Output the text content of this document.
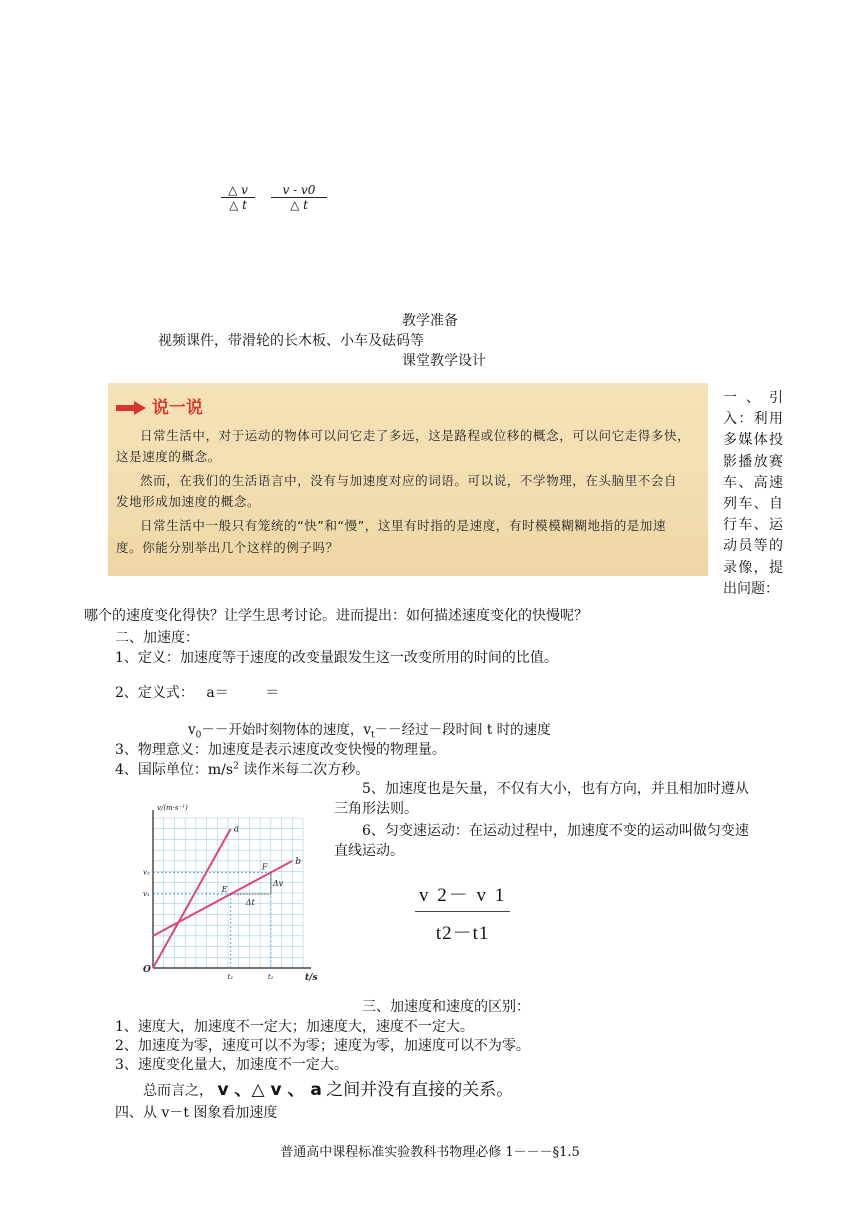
$\frac{\triangle v}{\triangle t} \frac{v - v0}{\triangle t}$
教学准备
视频课件，带滑轮的长木板、小车及砝码等
课堂教学设计
说一说
日常生活中，对于运动的物体可以问它走了多远，这是路程或位移的概念，可以问它走得多快，
这是速度的概念。
然而，在我们的生活语言中，没有与加速度对应的词语。可以说，不学物理，在头脑里不会自
发地形成加速度的概念。
日常生活中一般只有笼统的“快”和“慢”，这里有时指的是速度，有时模模糊糊地指的是加速
度。你能分别举出几个这样的例子吗？
一、引入：利用多媒体投影播放赛车、高速列车、自行车、运动员等的录像，提出问题：
哪个的速度变化得快？让学生思考讨论。进而提出：如何描述速度变化的快慢呢？
二、加速度：
1、定义：加速度等于速度的改变量跟发生这一改变所用的时间的比值。
2、定义式： a＝	＝
$v_0--$开始时刻物体的速度，$v_t--$经过－段时间 t 时的速度
3、物理意义：加速度是表示速度改变快慢的物理量。
4、国际单位：$m/s^2$ 读作米每二次方秒。
5、加速度也是矢量，不仅有大小，也有方向，并且相加时遵从
三角形法则。
6、匀变速运动：在运动过程中，加速度不变的运动叫做匀变速
直线运动。
a
b
E
F
Δv
Δt
t/s
v/(m·s⁻¹)
O
t₁	t₂
v₂
v₁	$\frac{v 2- v 1}{t2-t1}$
三、加速度和速度的区别：
1、速度大，加速度不一定大；加速度大，速度不一定大。
2、加速度为零，速度可以不为零；速度为零，加速度可以不为零。
3、速度变化量大，加速度不一定大。
总而言之， v 、△ v 、 a 之间并没有直接的关系。
四、从 v－t 图象看加速度
普通高中课程标准实验教科书物理必修 1－－－§1.5
